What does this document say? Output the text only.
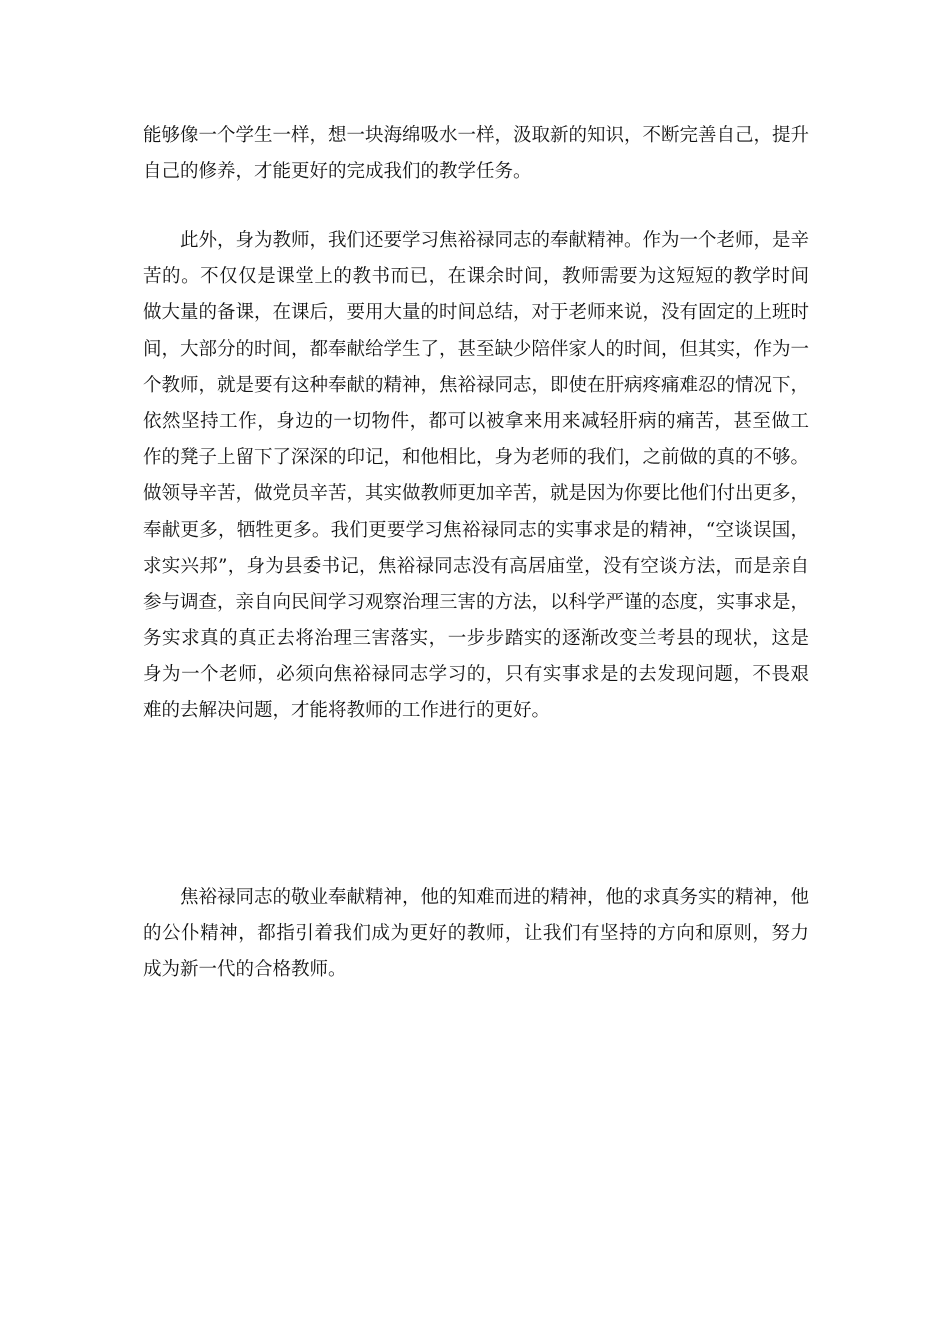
能够像一个学生一样，想一块海绵吸水一样，汲取新的知识，不断完善自己，提升
自己的修养，才能更好的完成我们的教学任务。
此外，身为教师，我们还要学习焦裕禄同志的奉献精神。作为一个老师，是辛
苦的。不仅仅是课堂上的教书而已，在课余时间，教师需要为这短短的教学时间
做大量的备课，在课后，要用大量的时间总结，对于老师来说，没有固定的上班时
间，大部分的时间，都奉献给学生了，甚至缺少陪伴家人的时间，但其实，作为一
个教师，就是要有这种奉献的精神，焦裕禄同志，即使在肝病疼痛难忍的情况下，
依然坚持工作，身边的一切物件，都可以被拿来用来减轻肝病的痛苦，甚至做工
作的凳子上留下了深深的印记，和他相比，身为老师的我们，之前做的真的不够。
做领导辛苦，做党员辛苦，其实做教师更加辛苦，就是因为你要比他们付出更多，
奉献更多，牺牲更多。我们更要学习焦裕禄同志的实事求是的精神，“空谈误国，
求实兴邦”，身为县委书记，焦裕禄同志没有高居庙堂，没有空谈方法，而是亲自
参与调查，亲自向民间学习观察治理三害的方法，以科学严谨的态度，实事求是，
务实求真的真正去将治理三害落实，一步步踏实的逐渐改变兰考县的现状，这是
身为一个老师，必须向焦裕禄同志学习的，只有实事求是的去发现问题，不畏艰
难的去解决问题，才能将教师的工作进行的更好。
焦裕禄同志的敬业奉献精神，他的知难而进的精神，他的求真务实的精神，他
的公仆精神，都指引着我们成为更好的教师，让我们有坚持的方向和原则，努力
成为新一代的合格教师。
